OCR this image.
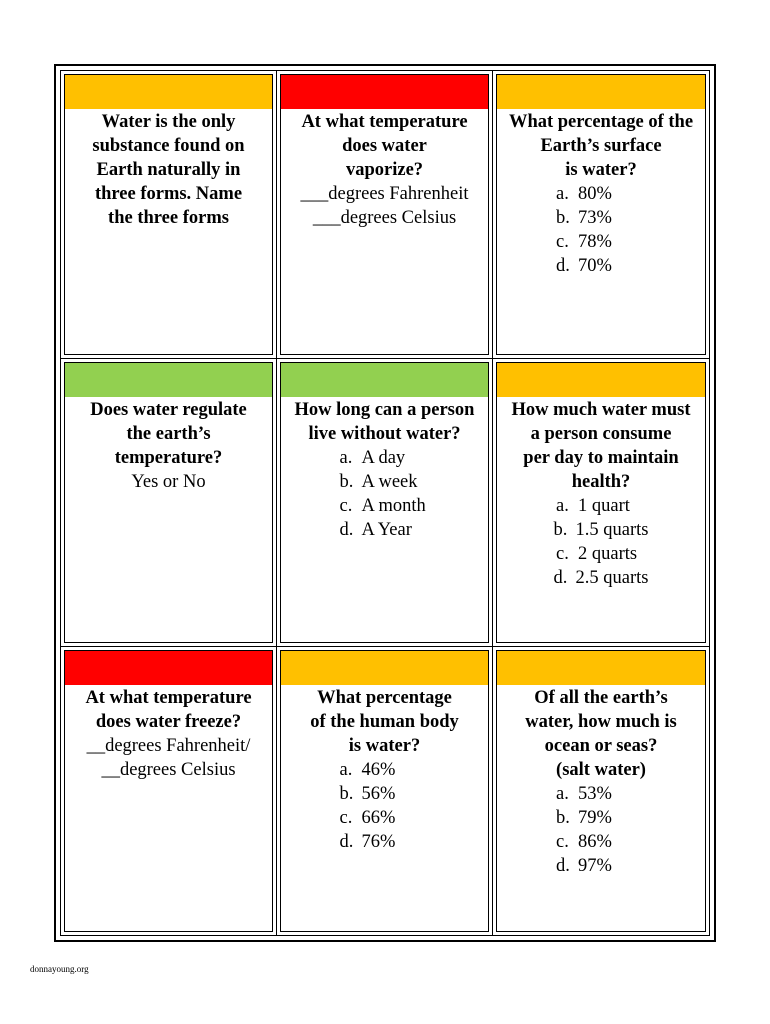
Water is the only
substance found on
Earth naturally in
three forms. Name
the three forms
At what temperature
does water
vaporize?
___degrees Fahrenheit
___degrees Celsius
What percentage of the
Earth’s surface
is water?
a. 80%
b. 73%
c. 78%
d. 70%
Does water regulate
the earth’s
temperature?
Yes or No
How long can a person
live without water?
a. A day
b. A week
c. A month
d. A Year
How much water must
a person consume
per day to maintain
health?
a. 1 quart
b. 1.5 quarts
c. 2 quarts
d. 2.5 quarts
At what temperature
does water freeze?
__degrees Fahrenheit/
__degrees Celsius
What percentage
of the human body
is water?
a. 46%
b. 56%
c. 66%
d. 76%
Of all the earth’s
water, how much is
ocean or seas?
(salt water)
a. 53%
b. 79%
c. 86%
d. 97%
donnayoung.org
